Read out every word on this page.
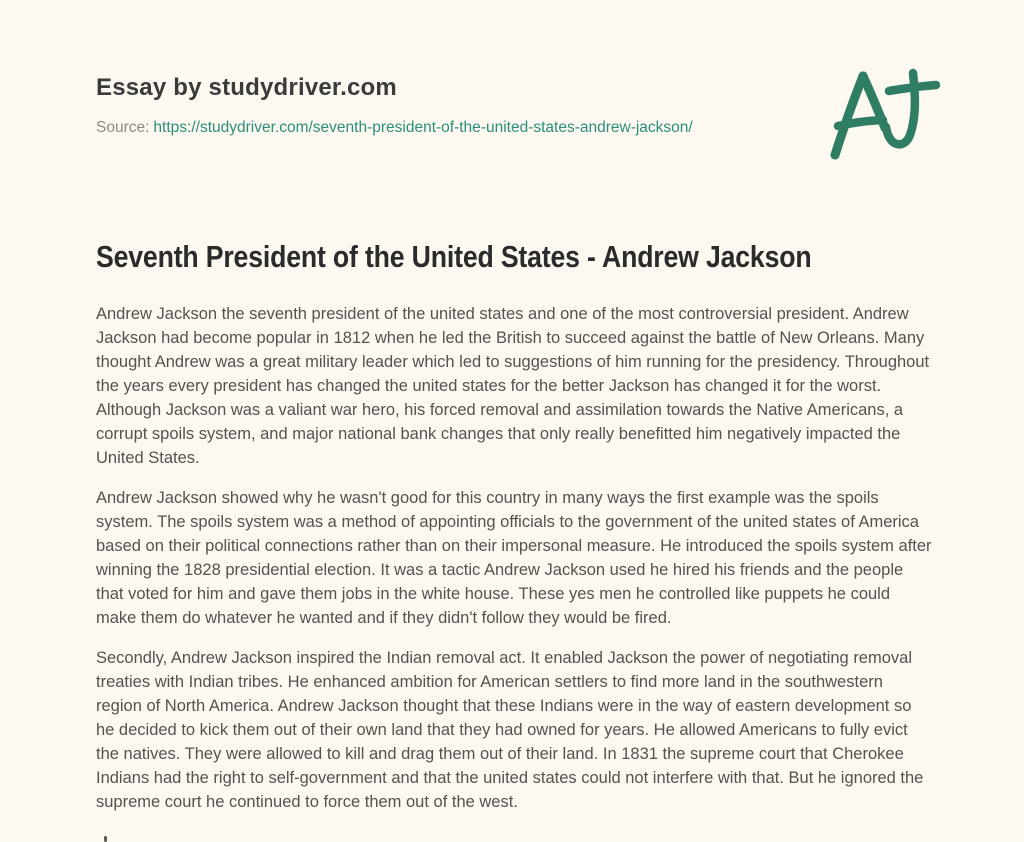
Essay by studydriver.com
Source: https://studydriver.com/seventh-president-of-the-united-states-andrew-jackson/
Seventh President of the United States - Andrew Jackson

Andrew Jackson the seventh president of the united states and one of the most controversial president. Andrew Jackson had become popular in 1812 when he led the British to succeed against the battle of New Orleans. Many thought Andrew was a great military leader which led to suggestions of him running for the presidency. Throughout the years every president has changed the united states for the better Jackson has changed it for the worst. Although Jackson was a valiant war hero, his forced removal and assimilation towards the Native Americans, a corrupt spoils system, and major national bank changes that only really benefitted him negatively impacted the United States.

Andrew Jackson showed why he wasn't good for this country in many ways the first example was the spoils system. The spoils system was a method of appointing officials to the government of the united states of America based on their political connections rather than on their impersonal measure. He introduced the spoils system after winning the 1828 presidential election. It was a tactic Andrew Jackson used he hired his friends and the people that voted for him and gave them jobs in the white house. These yes men he controlled like puppets he could make them do whatever he wanted and if they didn't follow they would be fired.

Secondly, Andrew Jackson inspired the Indian removal act. It enabled Jackson the power of negotiating removal treaties with Indian tribes. He enhanced ambition for American settlers to find more land in the southwestern region of North America. Andrew Jackson thought that these Indians were in the way of eastern development so he decided to kick them out of their own land that they had owned for years. He allowed Americans to fully evict the natives. They were allowed to kill and drag them out of their land. In 1831 the supreme court that Cherokee Indians had the right to self-government and that the united states could not interfere with that. But he ignored the supreme court he continued to force them out of the west.
